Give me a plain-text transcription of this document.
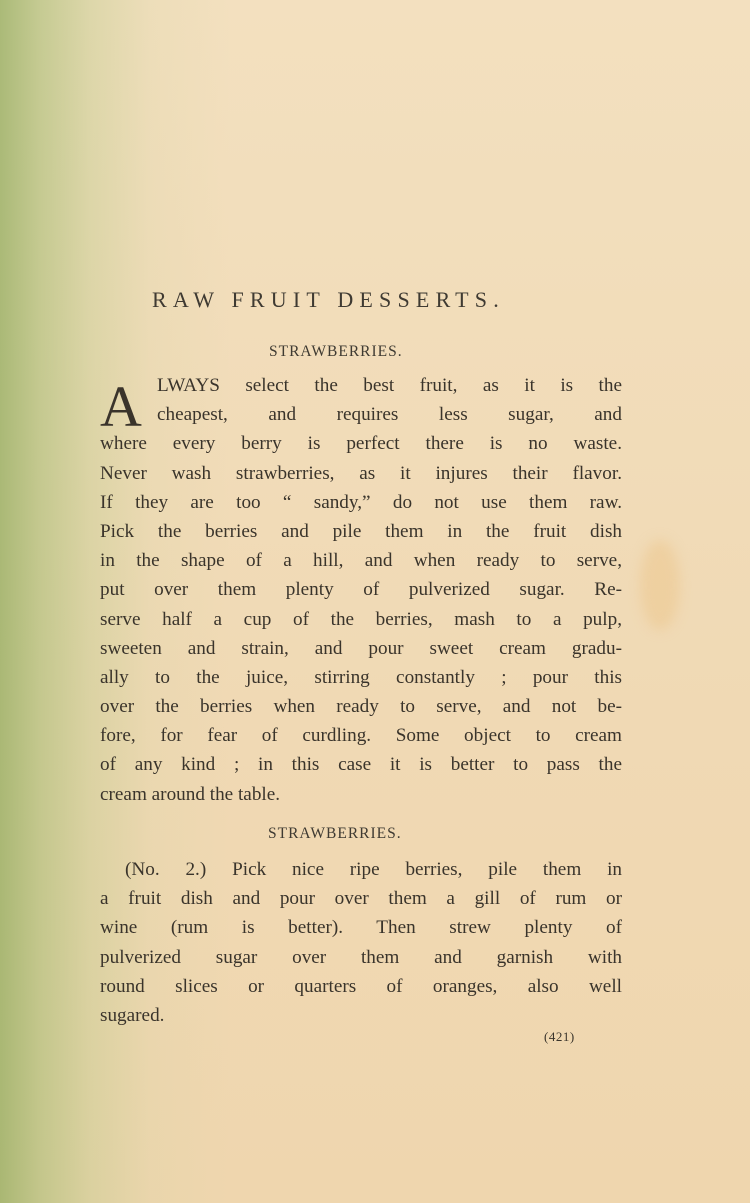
RAW FRUIT DESSERTS.
STRAWBERRIES.
A LWAYS select the best fruit, as it is the
cheapest, and requires less sugar, and
where every berry is perfect there is no waste.
Never wash strawberries, as it injures their flavor.
If they are too “ sandy,” do not use them raw.
Pick the berries and pile them in the fruit dish
in the shape of a hill, and when ready to serve,
put over them plenty of pulverized sugar. Re-
serve half a cup of the berries, mash to a pulp,
sweeten and strain, and pour sweet cream gradu-
ally to the juice, stirring constantly ; pour this
over the berries when ready to serve, and not be-
fore, for fear of curdling. Some object to cream
of any kind ; in this case it is better to pass the
cream around the table.
STRAWBERRIES.
(No. 2.) Pick nice ripe berries, pile them in
a fruit dish and pour over them a gill of rum or
wine (rum is better). Then strew plenty of
pulverized sugar over them and garnish with
round slices or quarters of oranges, also well
sugared.
(421)
